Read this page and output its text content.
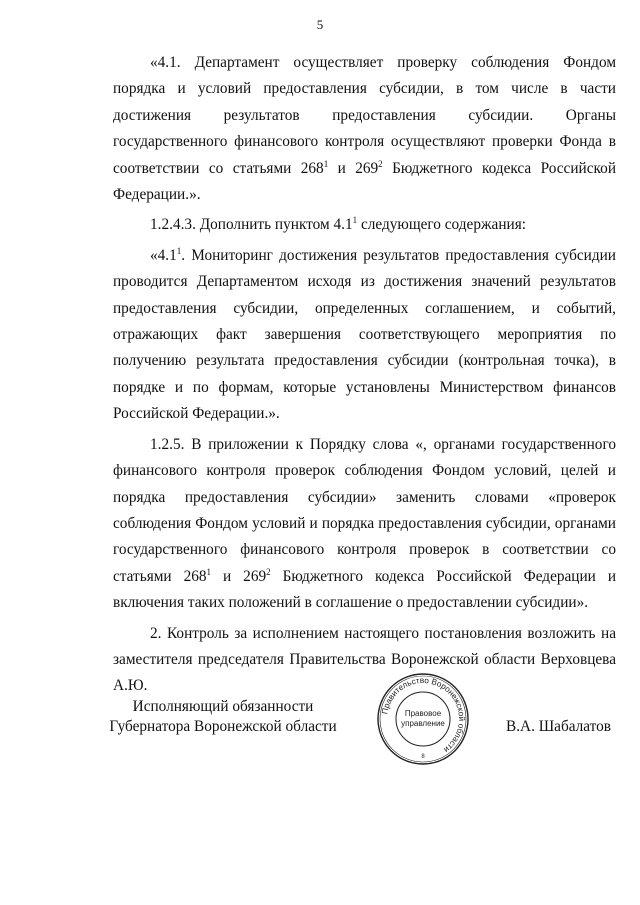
5

«4.1. Департамент осуществляет проверку соблюдения Фондом порядка и условий предоставления субсидии, в том числе в части достижения результатов предоставления субсидии. Органы государственного финансового контроля осуществляют проверки Фонда в соответствии со статьями $268^1$ и $269^2$ Бюджетного кодекса Российской Федерации.».

1.2.4.3. Дополнить пунктом $4.1^1$ следующего содержания:

«$4.1^1$. Мониторинг достижения результатов предоставления субсидии проводится Департаментом исходя из достижения значений результатов предоставления субсидии, определенных соглашением, и событий, отражающих факт завершения соответствующего мероприятия по получению результата предоставления субсидии (контрольная точка), в порядке и по формам, которые установлены Министерством финансов Российской Федерации.».

1.2.5. В приложении к Порядку слова «, органами государственного финансового контроля проверок соблюдения Фондом условий, целей и порядка предоставления субсидии» заменить словами «проверок соблюдения Фондом условий и порядка предоставления субсидии, органами государственного финансового контроля проверок в соответствии со статьями $268^1$ и $269^2$ Бюджетного кодекса Российской Федерации и включения таких положений в соглашение о предоставлении субсидии».

2. Контроль за исполнением настоящего постановления возложить на заместителя председателя Правительства Воронежской области Верховцева А.Ю.

Исполняющий обязанности
Губернатора Воронежской области
Правительство Воронежской области
Правовое
управление
8
В.А. Шабалатов
